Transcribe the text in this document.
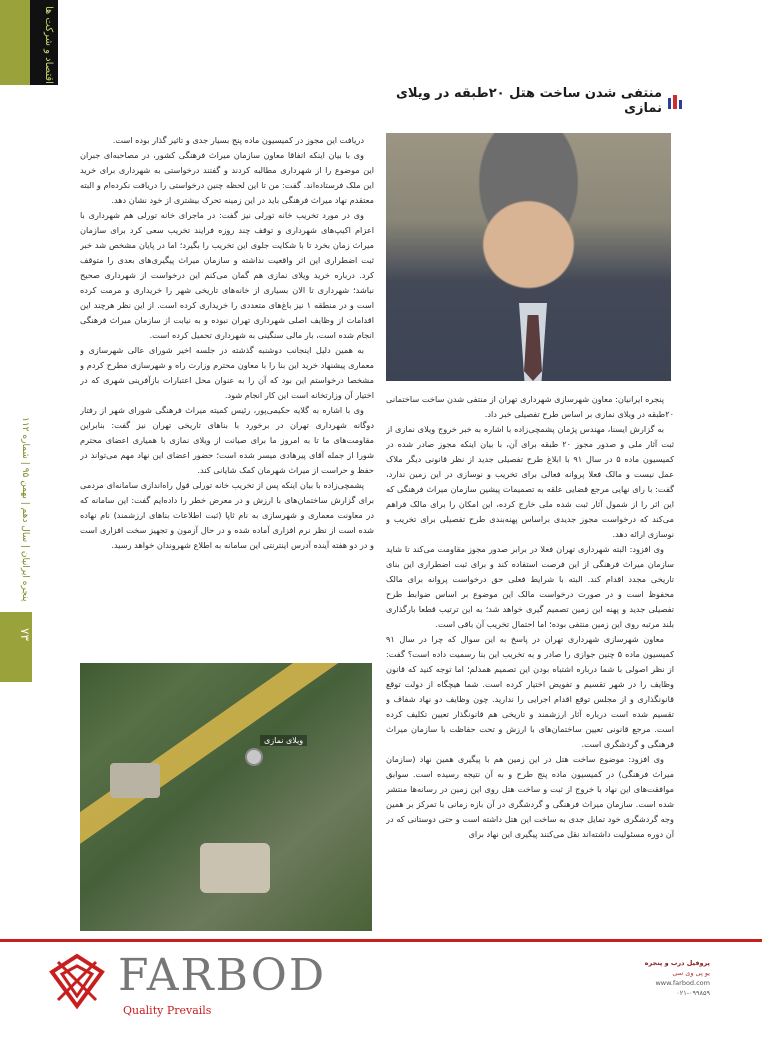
اقتصاد و شرکت ها
پنجره ایرانیان | سال دهم | بهمن ۹۵ | شماره ۱۱۲
۷۳
منتفی شدن ساخت هتل ۲۰طبقه در ویلای نمازی

پنجره ایرانیان: معاون شهرسازی شهرداری تهران از منتفی شدن ساخت ساختمانی ۲۰طبقه در ویلای نمازی بر اساس طرح تفصیلی خبر داد.

به گزارش ایسنا، مهندس پژمان پشمچی‌زاده با اشاره به خبر خروج ویلای نمازی از ثبت آثار ملی و صدور مجوز ۲۰ طبقه برای آن، با بیان اینکه مجوز صادر شده در کمیسیون ماده ۵ در سال ۹۱ با ابلاغ طرح تفصیلی جدید از نظر قانونی دیگر ملاک عمل نیست و مالک فعلا پروانه فعالی برای تخریب و نوسازی در این زمین ندارد، گفت: با رای نهایی مرجع قضایی علقه به تصمیمات پیشین سازمان میراث فرهنگی که این اثر را از شمول آثار ثبت شده ملی خارج کرده، این امکان را برای مالک فراهم می‌کند که درخواست مجوز جدیدی براساس پهنه‌بندی طرح تفصیلی برای تخریب و نوسازی ارائه دهد.

وی افزود: البته شهرداری تهران فعلا در برابر صدور مجوز مقاومت می‌کند تا شاید سازمان میراث فرهنگی از این فرصت استفاده کند و برای ثبت اضطراری این بنای تاریخی مجدد اقدام کند. البته با شرایط فعلی حق درخواست پروانه برای مالک محفوظ است و در صورت درخواست مالک این موضوع بر اساس ضوابط طرح تفصیلی جدید و پهنه این زمین تصمیم گیری خواهد شد؛ به این ترتیب قطعا بارگذاری بلند مرتبه روی این زمین منتفی بوده؛ اما احتمال تخریب آن باقی است.

معاون شهرسازی شهرداری تهران در پاسخ به این سوال که چرا در سال ۹۱ کمیسیون ماده ۵ چنین جوازی را صادر و به تخریب این بنا رسمیت داده است؟ گفت: از نظر اصولی با شما درباره اشتباه بودن این تصمیم همدلم؛ اما توجه کنید که قانون وظایف را در شهر تقسیم و تفویض اختیار کرده است. شما هیچگاه از دولت توقع قانونگذاری و از مجلس توقع اقدام اجرایی را ندارید. چون وظایف دو نهاد شفاف و تقسیم شده است درباره آثار ارزشمند و تاریخی هم قانونگذار تعیین تکلیف کرده است. مرجع قانونی تعیین ساختمان‌های با ارزش و تحت حفاظت با سازمان میراث فرهنگی و گردشگری است.

وی افزود: موضوع ساخت هتل در این زمین هم با پیگیری همین نهاد (سازمان میراث فرهنگی) در کمیسیون ماده پنج طرح و به آن نتیجه رسیده است. سوابق موافقت‌های این نهاد با خروج از ثبت و ساخت هتل روی این زمین در رسانه‌ها منتشر شده است. سازمان میراث فرهنگی و گردشگری در آن بازه زمانی با تمرکز بر همین وجه گردشگری خود تمایل جدی به ساخت این هتل داشته است و حتی دوستانی که در آن دوره مسئولیت داشته‌اند نقل می‌کنند پیگیری این نهاد برای

دریافت این مجوز در کمیسیون ماده پنج بسیار جدی و تاثیر گذار بوده است.

وی با بیان اینکه اتفاقا معاون سازمان میراث فرهنگی کشور، در مصاحبه‌ای جبران این موضوع را از شهرداری مطالبه کردند و گفتند درخواستی به شهرداری برای خرید این ملک فرستاده‌اند. گفت: من تا این لحظه چنین درخواستی را دریافت نکرده‌ام و البته معتقدم نهاد میراث فرهنگی باید در این زمینه تحرک بیشتری از خود نشان دهد.

وی در مورد تخریب خانه تورلی نیز گفت: در ماجرای خانه تورلی هم شهرداری با اعزام اکیپ‌های شهرداری و توقف چند روزه فرایند تخریب سعی کرد برای سازمان میراث زمان بخرد تا با شکایت جلوی این تخریب را بگیرد؛ اما در پایان مشخص شد خبر ثبت اضطراری این اثر واقعیت نداشته و سازمان میراث پیگیری‌های بعدی را متوقف کرد. درباره خرید ویلای نمازی هم گمان می‌کنم این درخواست از شهرداری صحیح نباشد؛ شهرداری تا الان بسیاری از خانه‌های تاریخی شهر را خریداری و مرمت کرده است و در منطقه ۱ نیز باغ‌های متعددی را خریداری کرده است. از این نظر هرچند این اقدامات از وظایف اصلی شهرداری تهران نبوده و به نیابت از سازمان میراث فرهنگی انجام شده است، بار مالی سنگینی به شهرداری تحمیل کرده است.

به همین دلیل اینجانب دوشنبه گذشته در جلسه اخیر شورای عالی شهرسازی و معماری پیشنهاد خرید این بنا را با معاون محترم وزارت راه و شهرسازی مطرح کردم و مشخصا درخواستم این بود که آن را به عنوان محل اعتبارات بازآفرینی شهری که در اختیار آن وزارتخانه است این کار انجام شود.

وی با اشاره به گلایه حکیمی‌پور، رئیس کمیته میراث فرهنگی شورای شهر از رفتار دوگانه شهرداری تهران در برخورد با بناهای تاریخی تهران نیز گفت: بنابراین مقاومت‌های ما تا به امروز ما برای صیانت از ویلای نمازی با همیاری اعضای محترم شورا از جمله آقای پیرهادی میسر شده است؛ حضور اعضای این نهاد مهم می‌تواند در حفظ و حراست از میراث شهرمان کمک شایانی کند.

پشمچی‌زاده با بیان اینکه پس از تخریب خانه تورلی قول راه‌اندازی سامانه‌ای مردمی برای گزارش ساختمان‌های با ارزش و در معرض خطر را داده‌ایم گفت: این سامانه که در معاونت معماری و شهرسازی به نام ثاپا (ثبت اطلاعات بناهای ارزشمند) نام نهاده شده است از نظر نرم افزاری آماده شده و در حال آزمون و تجهیز سخت افزاری است و در دو هفته آینده آدرس اینترنتی این سامانه به اطلاع شهروندان خواهد رسید.

ویلای نمازی
FARBOD
Quality Prevails
پروفیل درب و پنجره
یو پی وی سی
www.farbod.com
۰۲۱-۰۹۹۸۵۹
